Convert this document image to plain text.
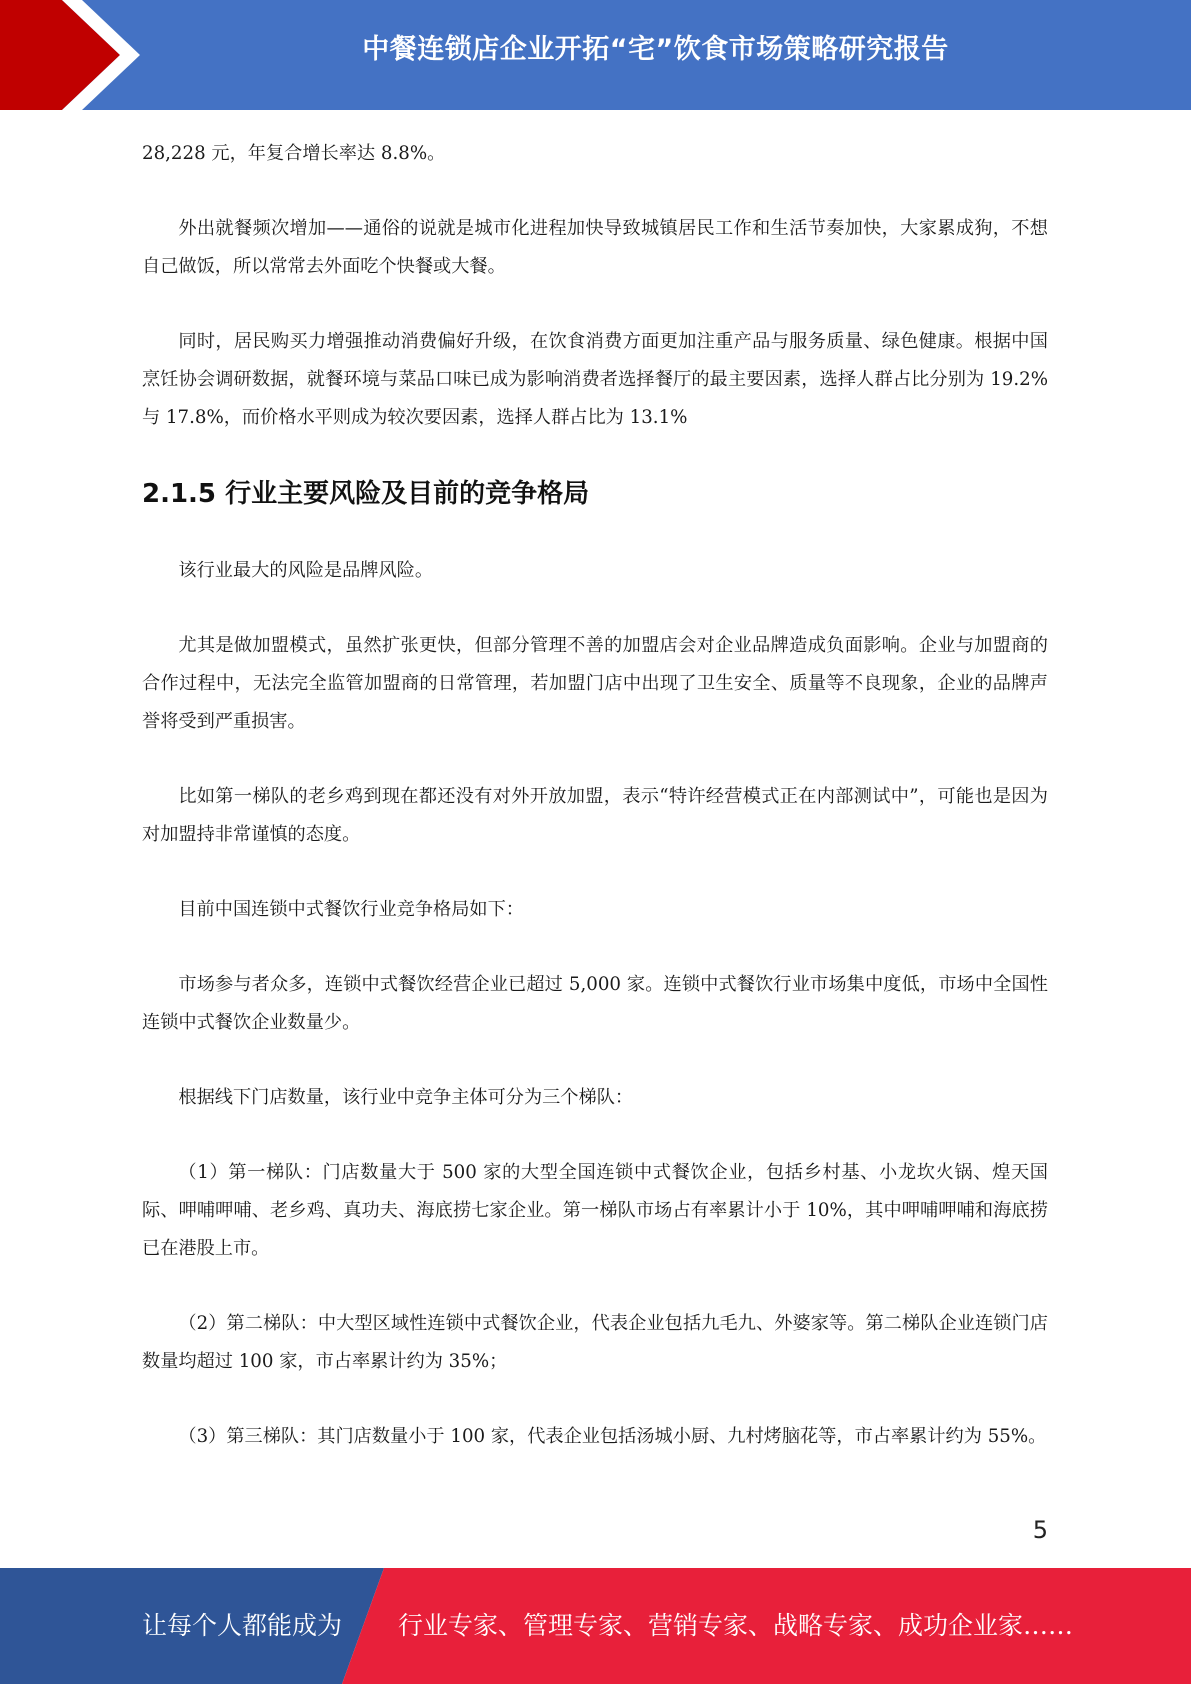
中餐连锁店企业开拓“宅”饮食市场策略研究报告

28,228 元，年复合增长率达 8.8%。

外出就餐频次增加——通俗的说就是城市化进程加快导致城镇居民工作和生活节奏加快，大家累成狗，不想自己做饭，所以常常去外面吃个快餐或大餐。

同时，居民购买力增强推动消费偏好升级，在饮食消费方面更加注重产品与服务质量、绿色健康。根据中国烹饪协会调研数据，就餐环境与菜品口味已成为影响消费者选择餐厅的最主要因素，选择人群占比分别为 19.2%与 17.8%，而价格水平则成为较次要因素，选择人群占比为 13.1%

2.1.5 行业主要风险及目前的竞争格局

该行业最大的风险是品牌风险。

尤其是做加盟模式，虽然扩张更快，但部分管理不善的加盟店会对企业品牌造成负面影响。企业与加盟商的合作过程中，无法完全监管加盟商的日常管理，若加盟门店中出现了卫生安全、质量等不良现象，企业的品牌声誉将受到严重损害。

比如第一梯队的老乡鸡到现在都还没有对外开放加盟，表示“特许经营模式正在内部测试中”，可能也是因为对加盟持非常谨慎的态度。

目前中国连锁中式餐饮行业竞争格局如下：

市场参与者众多，连锁中式餐饮经营企业已超过 5,000 家。连锁中式餐饮行业市场集中度低，市场中全国性连锁中式餐饮企业数量少。

根据线下门店数量，该行业中竞争主体可分为三个梯队：

（1）第一梯队：门店数量大于 500 家的大型全国连锁中式餐饮企业，包括乡村基、小龙坎火锅、煌天国际、呷哺呷哺、老乡鸡、真功夫、海底捞七家企业。第一梯队市场占有率累计小于 10%，其中呷哺呷哺和海底捞已在港股上市。

（2）第二梯队：中大型区域性连锁中式餐饮企业，代表企业包括九毛九、外婆家等。第二梯队企业连锁门店数量均超过 100 家，市占率累计约为 35%；

（3）第三梯队：其门店数量小于 100 家，代表企业包括汤城小厨、九村烤脑花等，市占率累计约为 55%。

5
让每个人都能成为 行业专家、管理专家、营销专家、战略专家、成功企业家……
